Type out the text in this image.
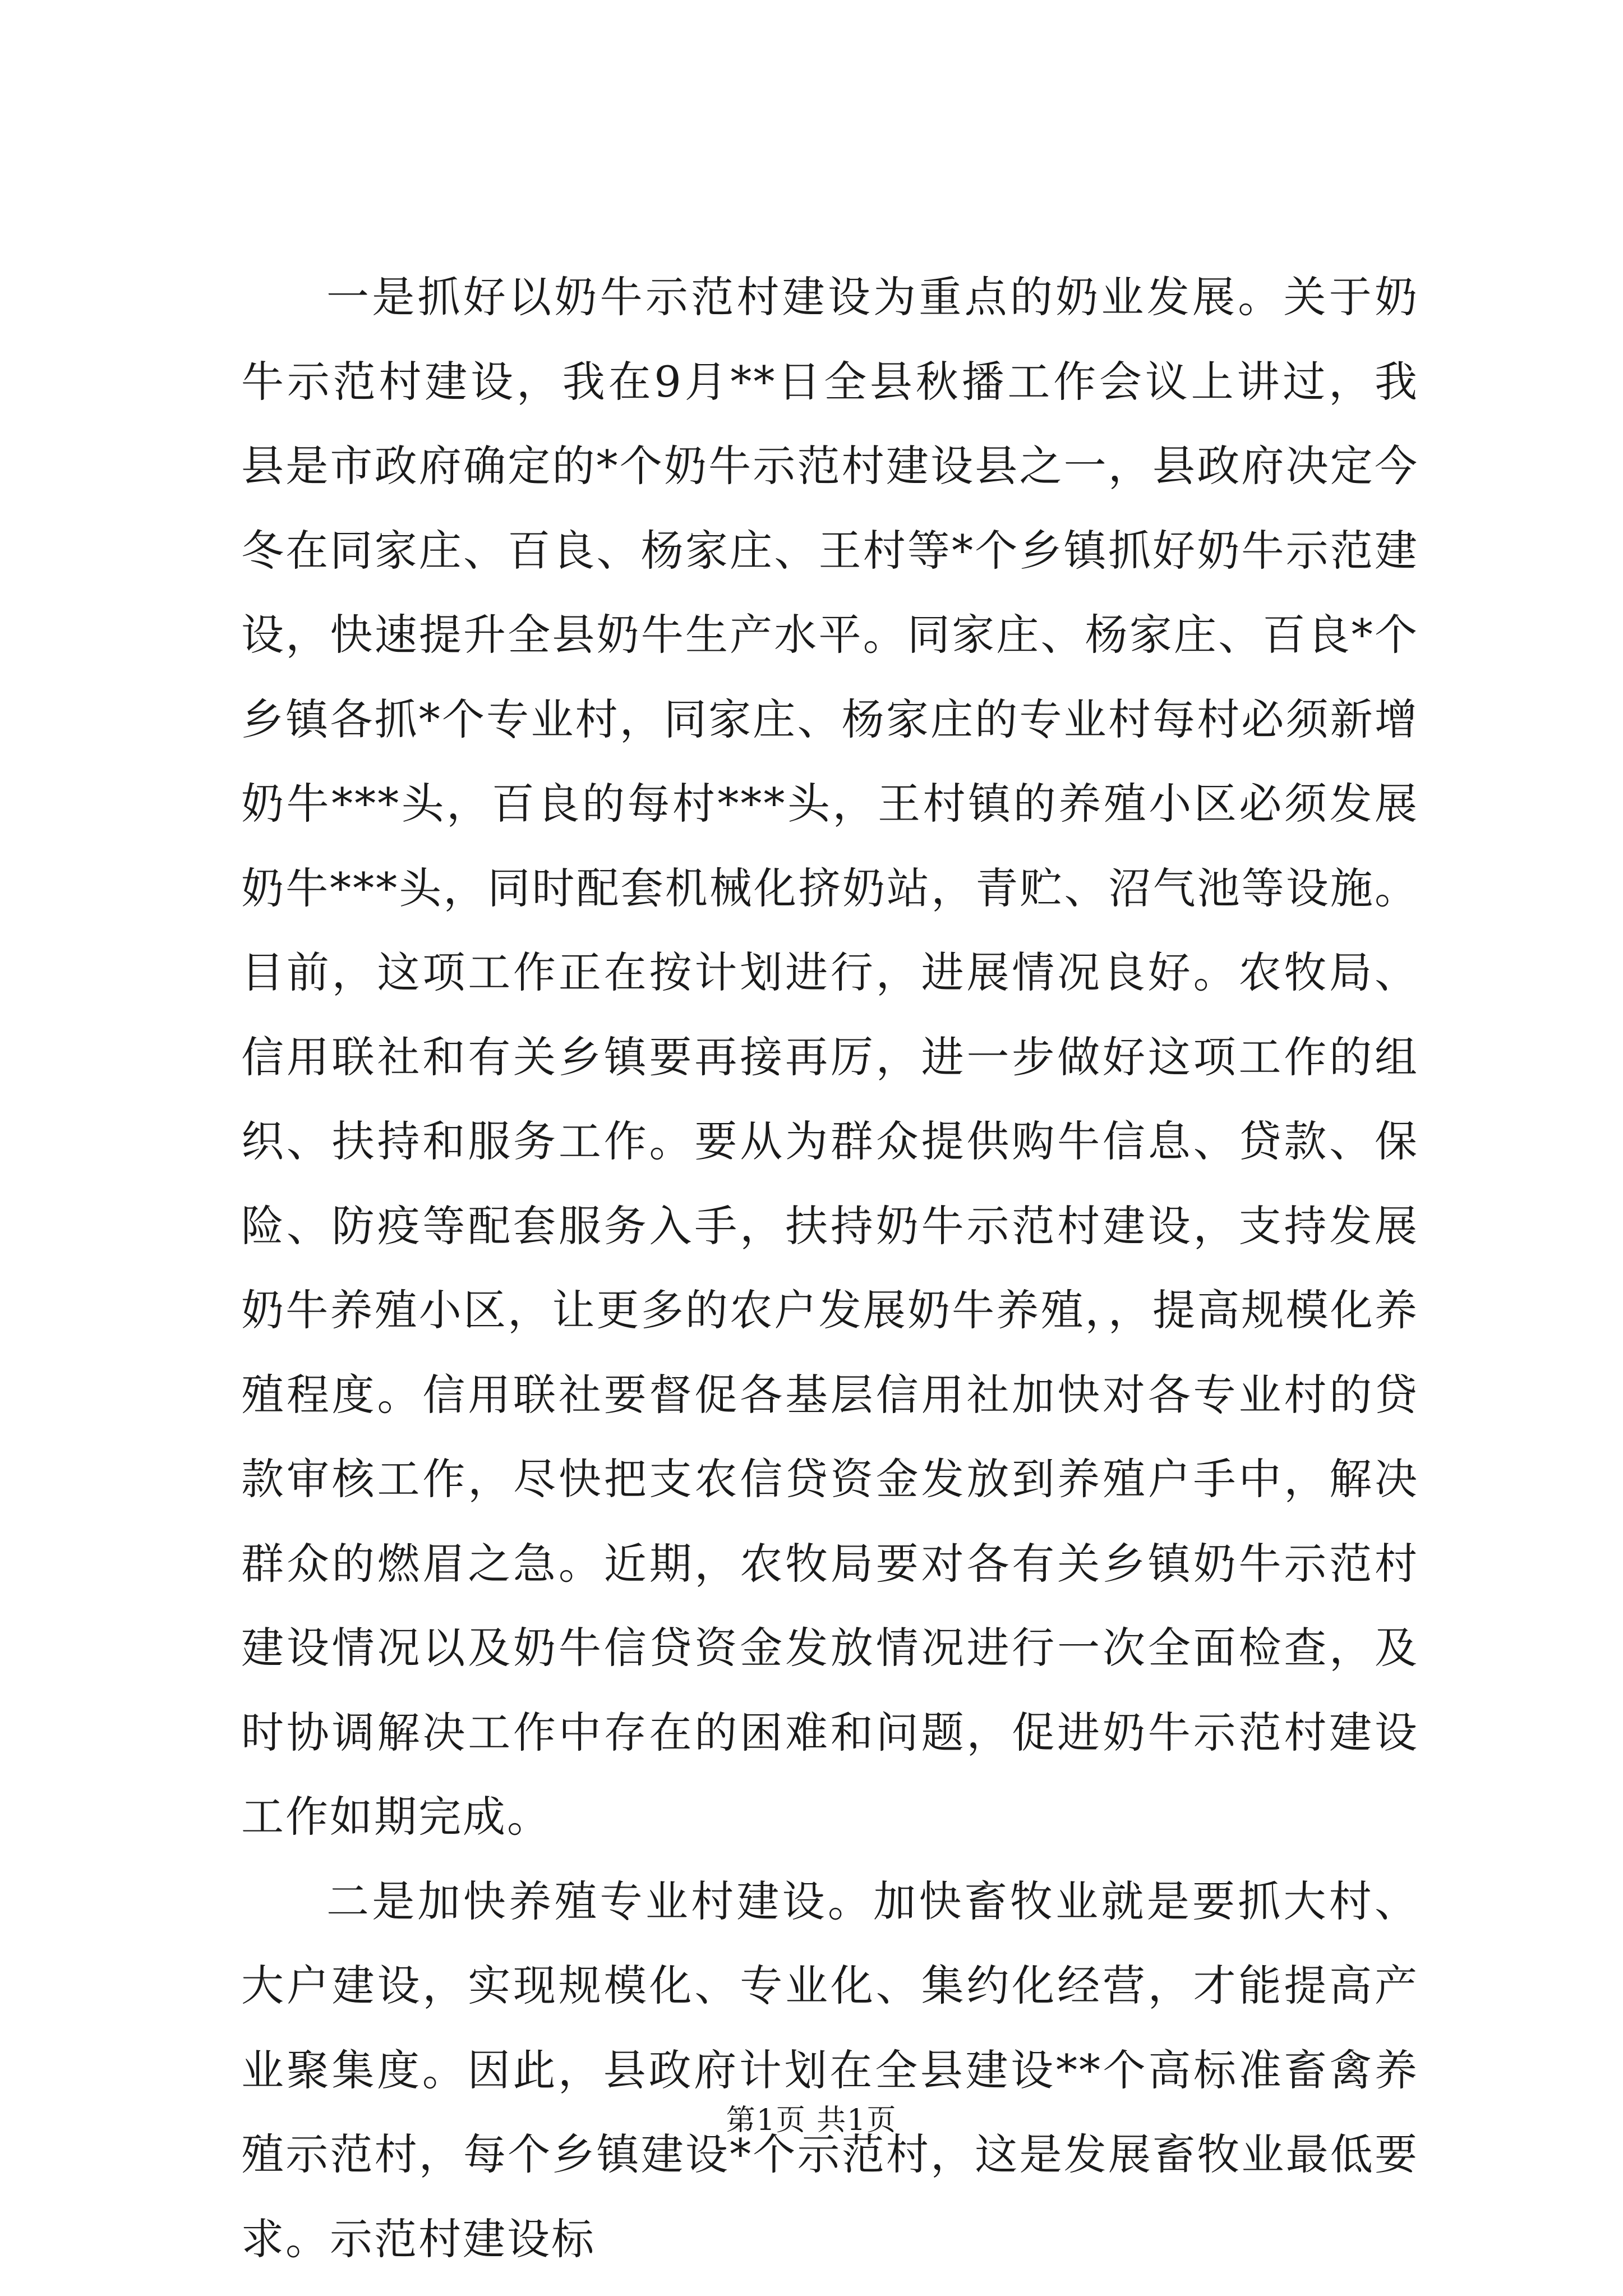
一是抓好以奶牛示范村建设为重点的奶业发展。关于奶牛示范村建设，我在9月**日全县秋播工作会议上讲过，我县是市政府确定的*个奶牛示范村建设县之一，县政府决定今冬在同家庄、百良、杨家庄、王村等*个乡镇抓好奶牛示范建设，快速提升全县奶牛生产水平。同家庄、杨家庄、百良*个乡镇各抓*个专业村，同家庄、杨家庄的专业村每村必须新增奶牛***头，百良的每村***头，王村镇的养殖小区必须发展奶牛***头，同时配套机械化挤奶站，青贮、沼气池等设施。目前，这项工作正在按计划进行，进展情况良好。农牧局、信用联社和有关乡镇要再接再厉，进一步做好这项工作的组织、扶持和服务工作。要从为群众提供购牛信息、贷款、保险、防疫等配套服务入手，扶持奶牛示范村建设，支持发展奶牛养殖小区，让更多的农户发展奶牛养殖，，提高规模化养殖程度。信用联社要督促各基层信用社加快对各专业村的贷款审核工作，尽快把支农信贷资金发放到养殖户手中，解决群众的燃眉之急。近期，农牧局要对各有关乡镇奶牛示范村建设情况以及奶牛信贷资金发放情况进行一次全面检查，及时协调解决工作中存在的困难和问题，促进奶牛示范村建设工作如期完成。

二是加快养殖专业村建设。加快畜牧业就是要抓大村、大户建设，实现规模化、专业化、集约化经营，才能提高产业聚集度。因此，县政府计划在全县建设**个高标准畜禽养殖示范村，每个乡镇建设*个示范村，这是发展畜牧业最低要求。示范村建设标

第1页 共1页
